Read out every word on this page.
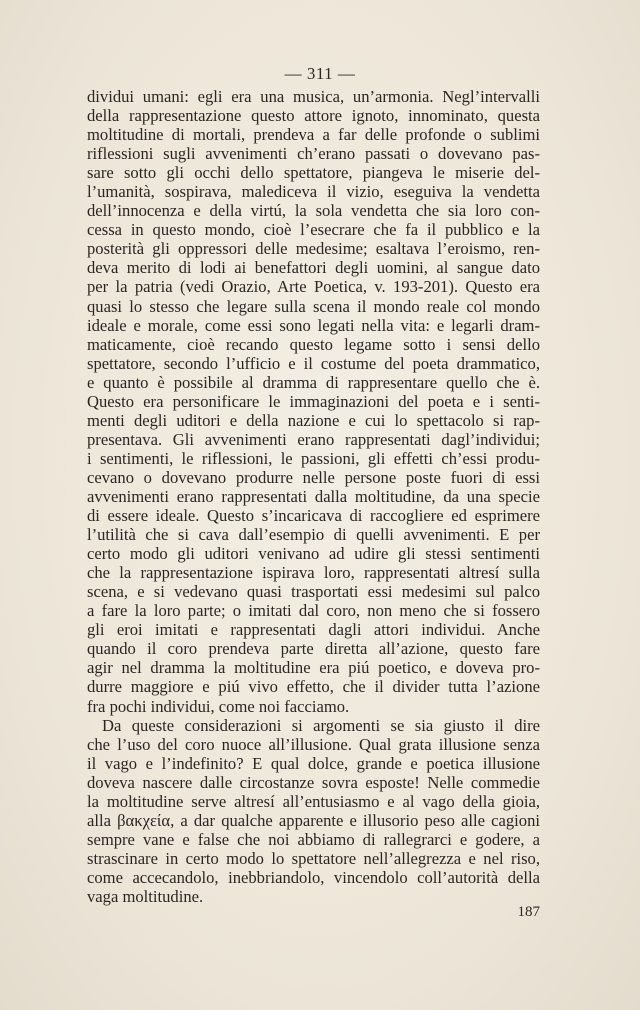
— 311 —
dividui umani: egli era una musica, un’armonia. Negl’intervalli
della rappresentazione questo attore ignoto, innominato, questa
moltitudine di mortali, prendeva a far delle profonde o sublimi
riflessioni sugli avvenimenti ch’erano passati o dovevano pas-
sare sotto gli occhi dello spettatore, piangeva le miserie del-
l’umanità, sospirava, malediceva il vizio, eseguiva la vendetta
dell’innocenza e della virtú, la sola vendetta che sia loro con-
cessa in questo mondo, cioè l’esecrare che fa il pubblico e la
posterità gli oppressori delle medesime; esaltava l’eroismo, ren-
deva merito di lodi ai benefattori degli uomini, al sangue dato
per la patria (vedi Orazio, Arte Poetica, v. 193-201). Questo era
quasi lo stesso che legare sulla scena il mondo reale col mondo
ideale e morale, come essi sono legati nella vita: e legarli dram-
maticamente, cioè recando questo legame sotto i sensi dello
spettatore, secondo l’ufficio e il costume del poeta drammatico,
e quanto è possibile al dramma di rappresentare quello che è.
Questo era personificare le immaginazioni del poeta e i senti-
menti degli uditori e della nazione e cui lo spettacolo si rap-
presentava. Gli avvenimenti erano rappresentati dagl’individui;
i sentimenti, le riflessioni, le passioni, gli effetti ch’essi produ-
cevano o dovevano produrre nelle persone poste fuori di essi
avvenimenti erano rappresentati dalla moltitudine, da una specie
di essere ideale. Questo s’incaricava di raccogliere ed esprimere
l’utilità che si cava dall’esempio di quelli avvenimenti. E per
certo modo gli uditori venivano ad udire gli stessi sentimenti
che la rappresentazione ispirava loro, rappresentati altresí sulla
scena, e si vedevano quasi trasportati essi medesimi sul palco
a fare la loro parte; o imitati dal coro, non meno che si fossero
gli eroi imitati e rappresentati dagli attori individui. Anche
quando il coro prendeva parte diretta all’azione, questo fare
agir nel dramma la moltitudine era piú poetico, e doveva pro-
durre maggiore e piú vivo effetto, che il divider tutta l’azione
fra pochi individui, come noi facciamo.
Da queste considerazioni si argomenti se sia giusto il dire
che l’uso del coro nuoce all’illusione. Qual grata illusione senza
il vago e l’indefinito? E qual dolce, grande e poetica illusione
doveva nascere dalle circostanze sovra esposte! Nelle commedie
la moltitudine serve altresí all’entusiasmo e al vago della gioia,
alla βακχεία, a dar qualche apparente e illusorio peso alle cagioni
sempre vane e false che noi abbiamo di rallegrarci e godere, a
strascinare in certo modo lo spettatore nell’allegrezza e nel riso,
come accecandolo, inebbriandolo, vincendolo coll’autorità della
vaga moltitudine.
187
